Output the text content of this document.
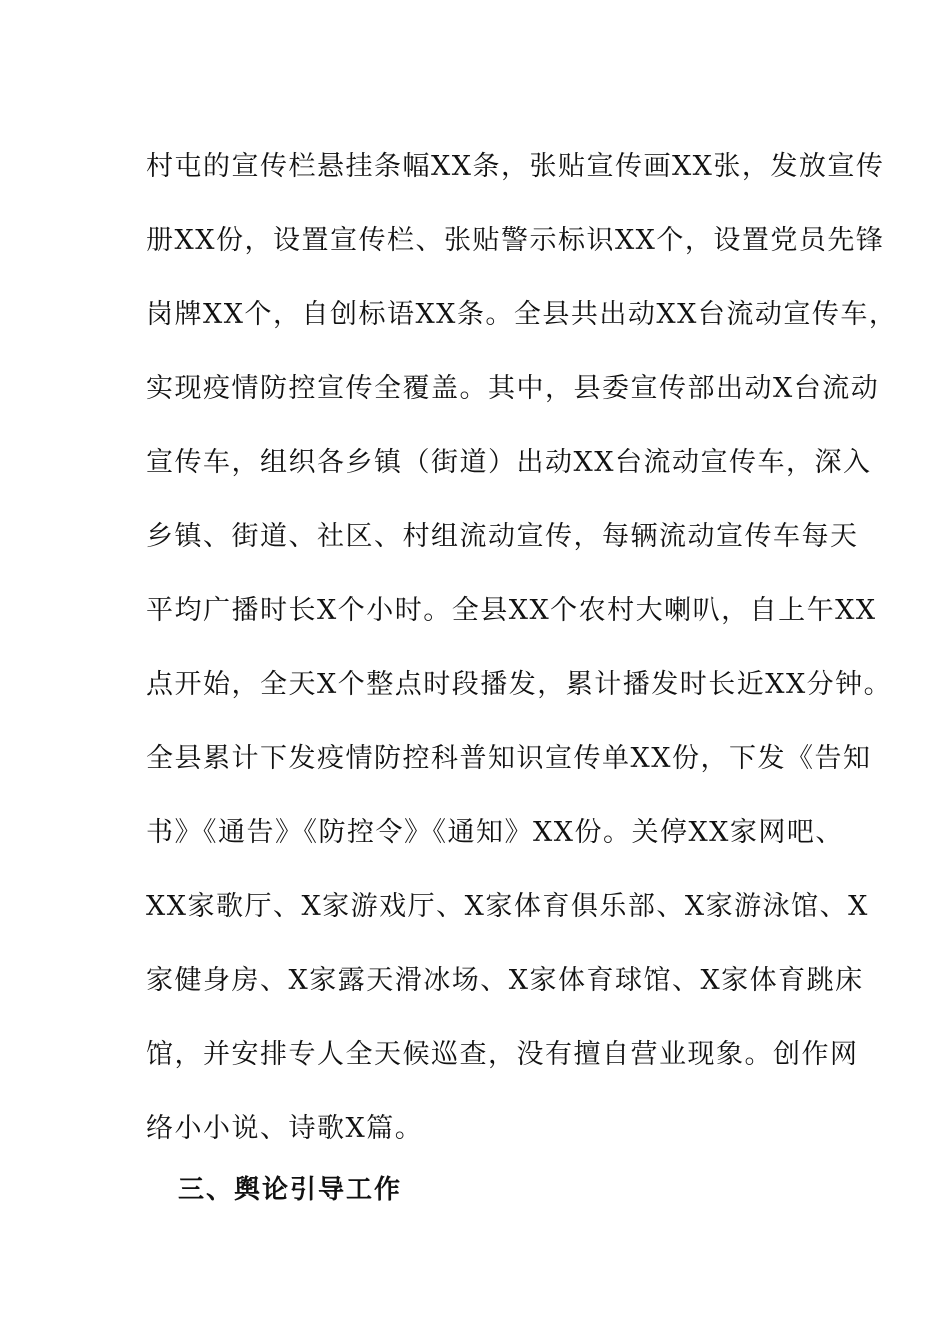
村屯的宣传栏悬挂条幅XX条，张贴宣传画XX张，发放宣传
册XX份，设置宣传栏、张贴警示标识XX个，设置党员先锋
岗牌XX个，自创标语XX条。全县共出动XX台流动宣传车，
实现疫情防控宣传全覆盖。其中，县委宣传部出动X台流动
宣传车，组织各乡镇（街道）出动XX台流动宣传车，深入
乡镇、街道、社区、村组流动宣传，每辆流动宣传车每天
平均广播时长X个小时。全县XX个农村大喇叭，自上午XX
点开始，全天X个整点时段播发，累计播发时长近XX分钟。
全县累计下发疫情防控科普知识宣传单XX份，下发《告知
书》《通告》《防控令》《通知》XX份。关停XX家网吧、
XX家歌厅、X家游戏厅、X家体育俱乐部、X家游泳馆、X
家健身房、X家露天滑冰场、X家体育球馆、X家体育跳床
馆，并安排专人全天候巡查，没有擅自营业现象。创作网
络小小说、诗歌X篇。
三、舆论引导工作
